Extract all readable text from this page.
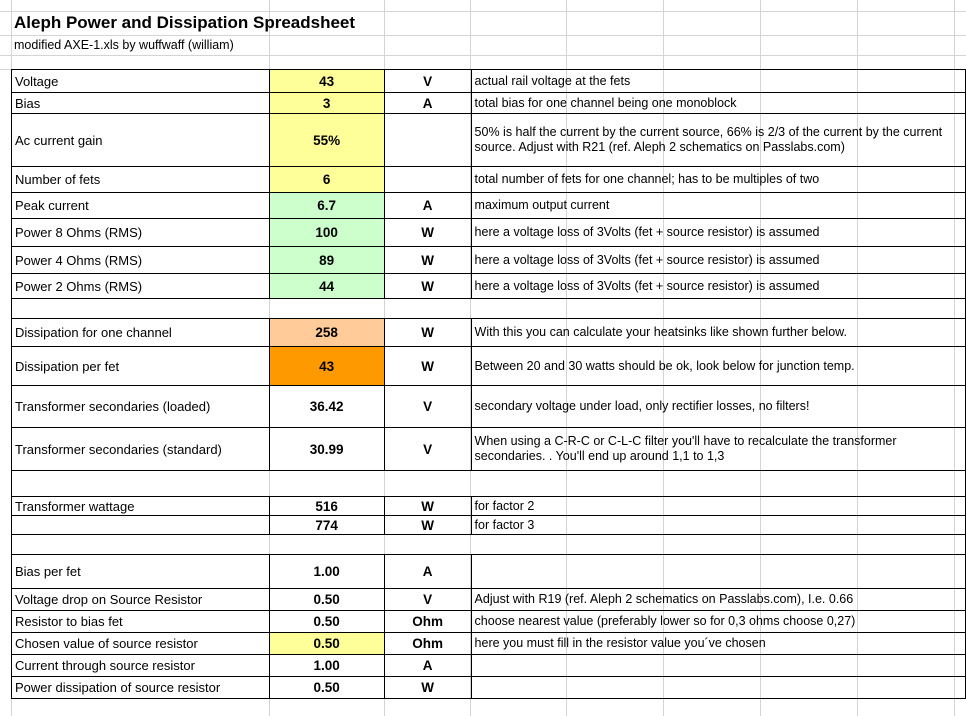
Aleph Power and Dissipation Spreadsheet
modified AXE-1.xls by wuffwaff (william)
Voltage	43	V	actual rail voltage at the fets
Bias	3	A	total bias for one channel being one monoblock
Ac current gain	55%		50% is half the current by the current source, 66% is 2/3 of the current by the current source. Adjust with R21 (ref. Aleph 2 schematics on Passlabs.com)
Number of fets	6		total number of fets for one channel; has to be multiples of two
Peak current	6.7	A	maximum output current
Power 8 Ohms (RMS)	100	W	here a voltage loss of 3Volts (fet + source resistor) is assumed
Power 4 Ohms (RMS)	89	W	here a voltage loss of 3Volts (fet + source resistor) is assumed
Power 2 Ohms (RMS)	44	W	here a voltage loss of 3Volts (fet + source resistor) is assumed

Dissipation for one channel	258	W	With this you can calculate your heatsinks like shown further below.
Dissipation per fet	43	W	Between 20 and 30 watts should be ok, look below for junction temp.
Transformer secondaries (loaded)	36.42	V	secondary voltage under load, only rectifier losses, no filters!
Transformer secondaries (standard)	30.99	V	When using a C-R-C or C-L-C filter you'll have to recalculate the transformer secondaries. . You'll end up around 1,1 to 1,3

Transformer wattage	516	W	for factor 2
	774	W	for factor 3

Bias per fet	1.00	A	
Voltage drop on Source Resistor	0.50	V	Adjust with R19 (ref. Aleph 2 schematics on Passlabs.com), I.e. 0.66
Resistor to bias fet	0.50	Ohm	choose nearest value (preferably lower so for 0,3 ohms choose 0,27)
Chosen value of source resistor	0.50	Ohm	here you must fill in the resistor value you´ve chosen
Current through source resistor	1.00	A	
Power dissipation of source resistor	0.50	W	
